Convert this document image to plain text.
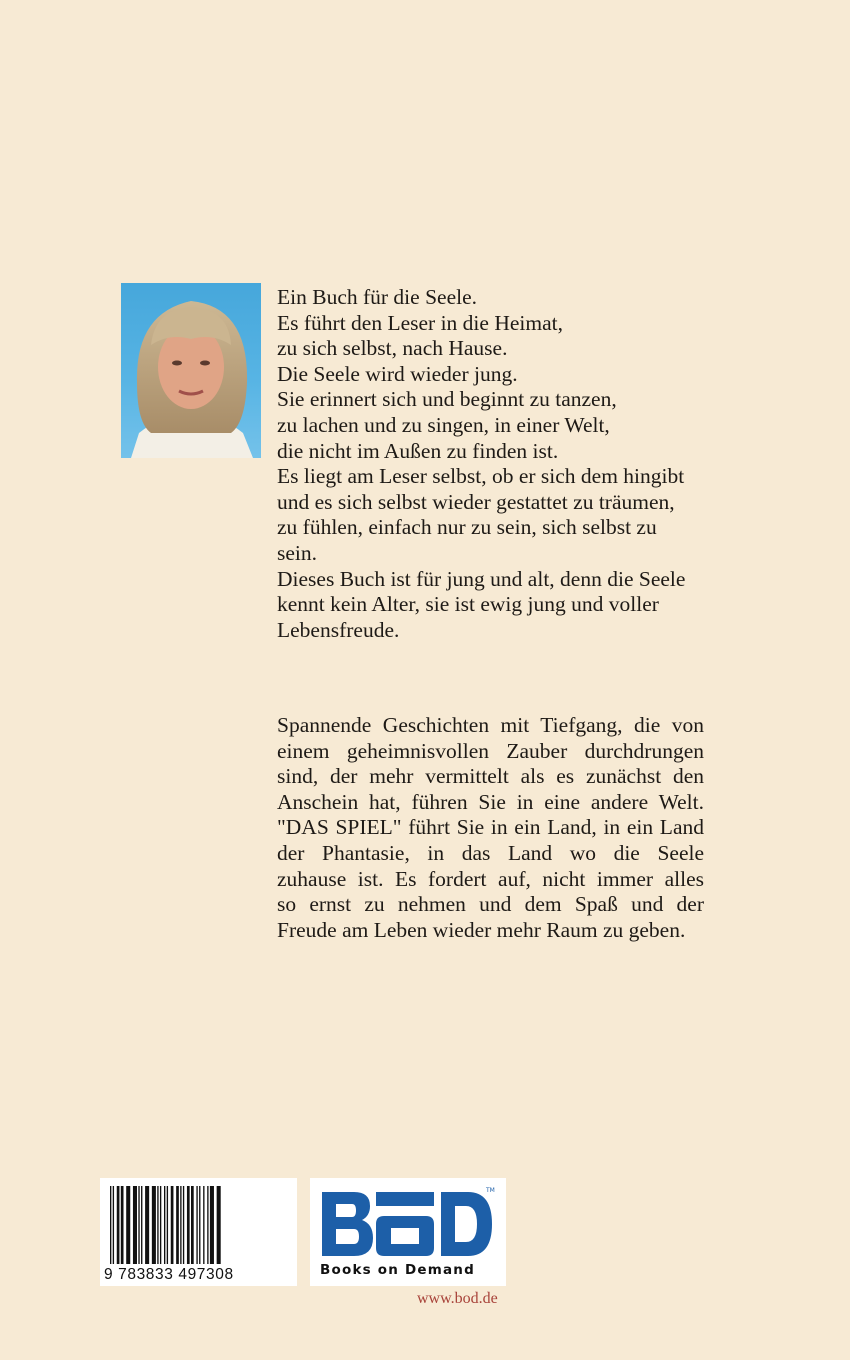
Ein Buch für die Seele.
Es führt den Leser in die Heimat,
zu sich selbst, nach Hause.
Die Seele wird wieder jung.
Sie erinnert sich und beginnt zu tanzen,
zu lachen und zu singen, in einer Welt,
die nicht im Außen zu finden ist.
Es liegt am Leser selbst, ob er sich dem hingibt
und es sich selbst wieder gestattet zu träumen,
zu fühlen, einfach nur zu sein, sich selbst zu
sein.
Dieses Buch ist für jung und alt, denn die Seele
kennt kein Alter, sie ist ewig jung und voller
Lebensfreude.
Spannende Geschichten mit Tiefgang, die von
einem geheimnisvollen Zauber durchdrungen
sind, der mehr vermittelt als es zunächst den
Anschein hat, führen Sie in eine andere Welt.
"DAS SPIEL" führt Sie in ein Land, in ein Land
der Phantasie, in das Land wo die Seele
zuhause ist. Es fordert auf, nicht immer alles
so ernst zu nehmen und dem Spaß und der
Freude am Leben wieder mehr Raum zu geben.
9 783833 497308
TM
Books on Demand
www.bod.de
